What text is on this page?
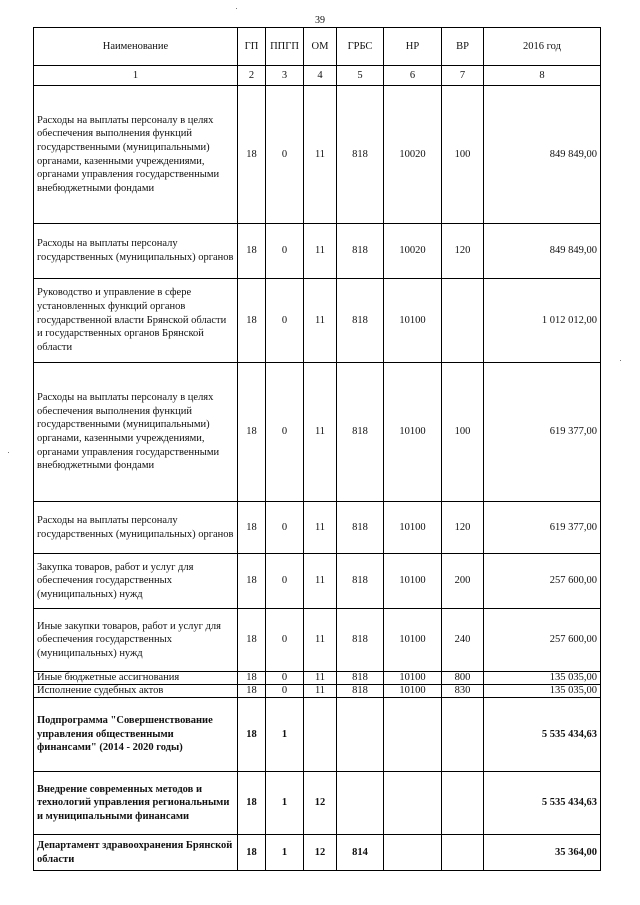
39
Наименование	ГП	ППГП	ОМ	ГРБС	НР	ВР	2016 год
1	2	3	4	5	6	7	8
Расходы на выплаты персоналу в целях обеспечения выполнения функций государственными (муниципальными) органами, казенными учреждениями, органами управления государственными внебюджетными фондами	18	0	11	818	10020	100	849 849,00
Расходы на выплаты персоналу государственных (муниципальных) органов	18	0	11	818	10020	120	849 849,00
Руководство и управление в сфере установленных функций органов государственной власти Брянской области и государственных органов Брянской области	18	0	11	818	10100		1 012 012,00
Расходы на выплаты персоналу в целях обеспечения выполнения функций государственными (муниципальными) органами, казенными учреждениями, органами управления государственными внебюджетными фондами	18	0	11	818	10100	100	619 377,00
Расходы на выплаты персоналу государственных (муниципальных) органов	18	0	11	818	10100	120	619 377,00
Закупка товаров, работ и услуг для обеспечения государственных (муниципальных) нужд	18	0	11	818	10100	200	257 600,00
Иные закупки товаров, работ и услуг для обеспечения государственных (муниципальных) нужд	18	0	11	818	10100	240	257 600,00
Иные бюджетные ассигнования	18	0	11	818	10100	800	135 035,00
Исполнение судебных актов	18	0	11	818	10100	830	135 035,00
Подпрограмма "Совершенствование управления общественными финансами" (2014 - 2020 годы)	18	1					5 535 434,63
Внедрение современных методов и технологий управления региональными и муниципальными финансами	18	1	12				5 535 434,63
Департамент здравоохранения Брянской области	18	1	12	814			35 364,00
